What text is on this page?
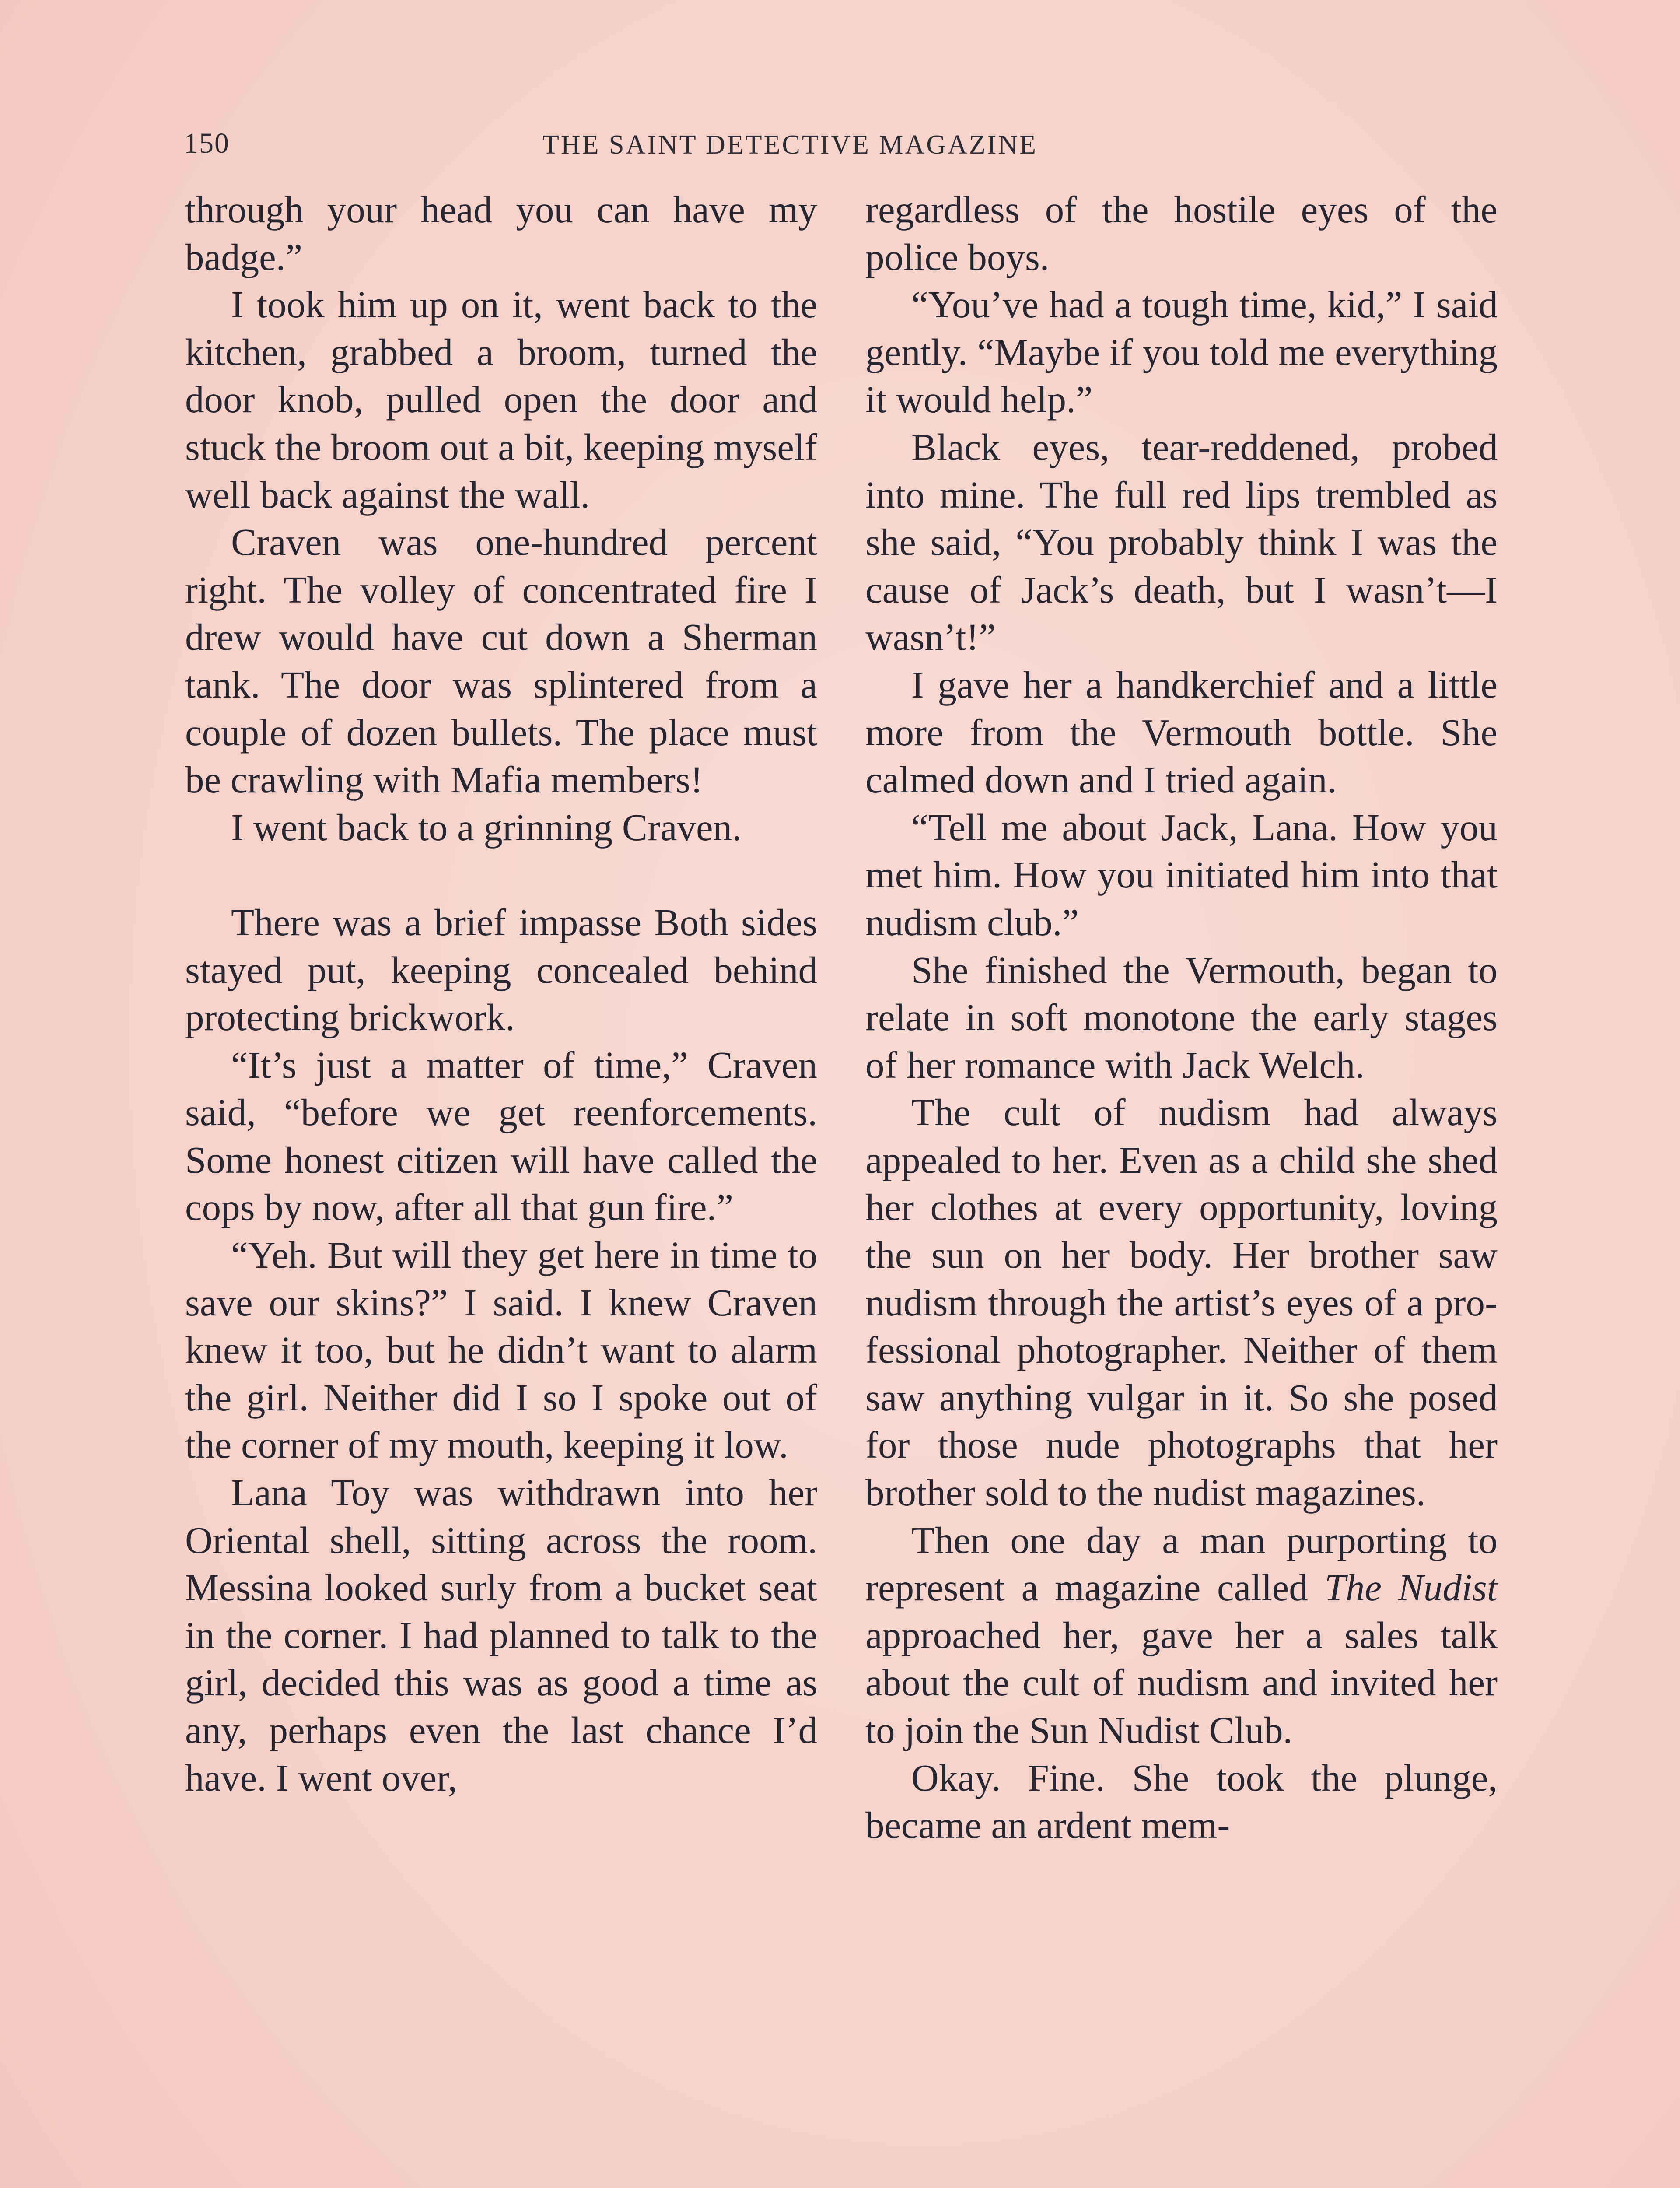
150	THE SAINT DETECTIVE MAGAZINE

through your head you can have my badge.”

I took him up on it, went back to the kitchen, grabbed a broom, turned the door knob, pulled open the door and stuck the broom out a bit, keeping myself well back against the wall.

Craven was one-hundred percent right. The volley of concentrated fire I drew would have cut down a Sherman tank. The door was splintered from a couple of dozen bullets. The place must be crawling with Mafia members!

I went back to a grinning Craven.

There was a brief impasse Both sides stayed put, keeping concealed behind protecting brickwork.

“It’s just a matter of time,” Craven said, “before we get reenforcements. Some honest citizen will have called the cops by now, after all that gun fire.”

“Yeh. But will they get here in time to save our skins?” I said. I knew Craven knew it too, but he didn’t want to alarm the girl. Neither did I so I spoke out of the corner of my mouth, keeping it low.

Lana Toy was withdrawn into her Oriental shell, sitting across the room. Messina looked surly from a bucket seat in the corner. I had planned to talk to the girl, decided this was as good a time as any, perhaps even the last chance I’d have. I went over,

regardless of the hostile eyes of the police boys.

“You’ve had a tough time, kid,” I said gently. “Maybe if you told me everything it would help.”

Black eyes, tear-reddened, probed into mine. The full red lips trembled as she said, “You probably think I was the cause of Jack’s death, but I wasn’t—I wasn’t!”

I gave her a handkerchief and a little more from the Vermouth bottle. She calmed down and I tried again.

“Tell me about Jack, Lana. How you met him. How you initiated him into that nudism club.”

She finished the Vermouth, began to relate in soft monotone the early stages of her romance with Jack Welch.

The cult of nudism had always appealed to her. Even as a child she shed her clothes at every opportunity, loving the sun on her body. Her brother saw nudism through the artist’s eyes of a professional photographer. Neither of them saw anything vulgar in it. So she posed for those nude photographs that her brother sold to the nudist magazines.

Then one day a man purporting to represent a magazine called The Nudist approached her, gave her a sales talk about the cult of nudism and invited her to join the Sun Nudist Club.

Okay. Fine. She took the plunge, became an ardent mem-
